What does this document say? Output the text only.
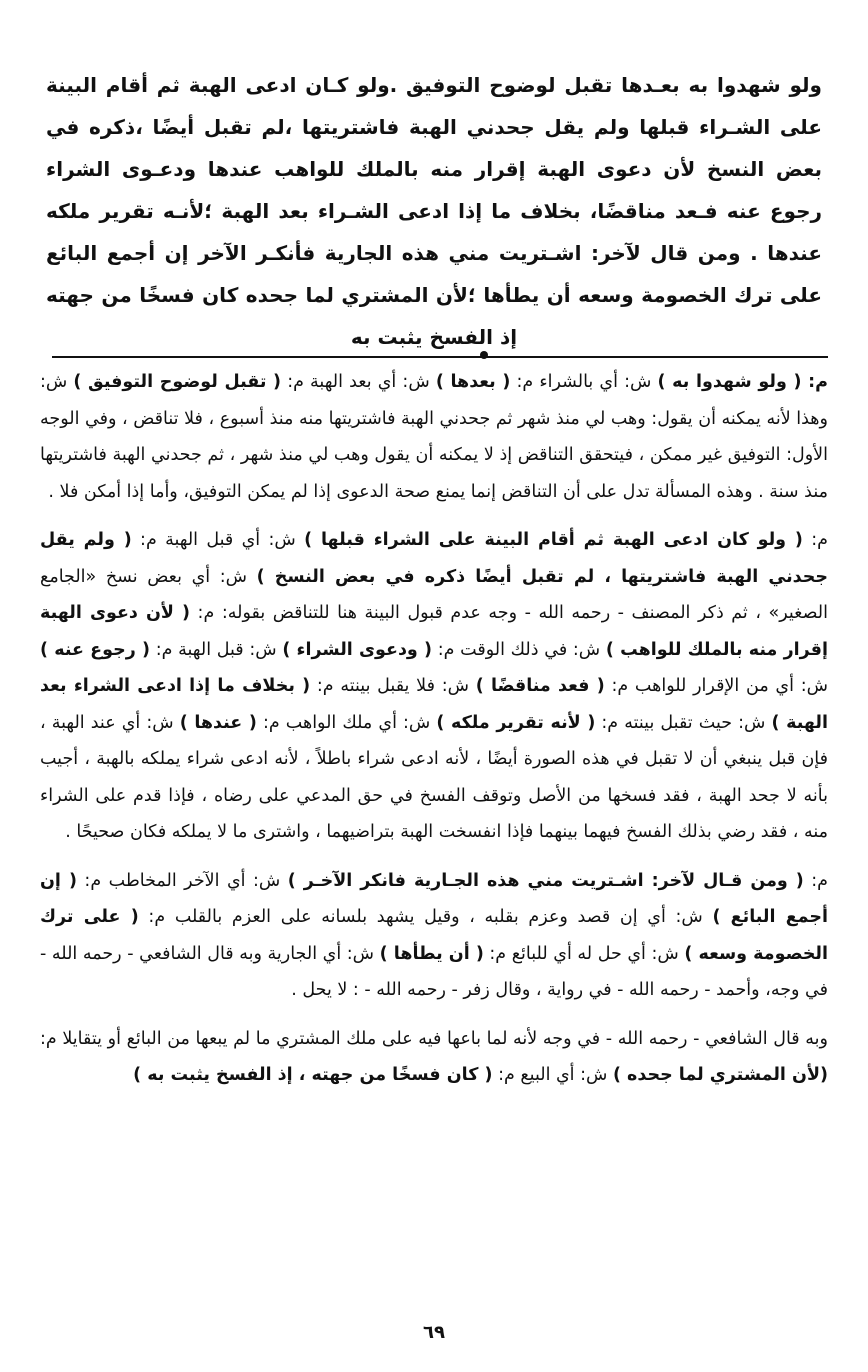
ولو شهدوا به بعـدها تقبل لوضوح التوفيق .ولو كـان ادعى الهبة ثم أقام البينة على الشـراء قبلها ولم يقل جحدني الهبة فاشتريتها ،لم تقبل أيضًا ،ذكره في بعض النسخ لأن دعوى الهبة إقرار منه بالملك للواهب عندها ودعـوى الشراء رجوع عنه فـعد مناقضًا، بخلاف ما إذا ادعى الشـراء بعد الهبة ؛لأنـه تقرير ملكه عندها . ومن قال لآخر: اشـتريت مني هذه الجارية فأنكـر الآخر إن أجمع البائع على ترك الخصومة وسعه أن يطأها ؛لأن المشتري لما جحده كان فسخًا من جهته إذ الفسخ يثبت به

م: ( ولو شهدوا به ) ش: أي بالشراء م: ( بعدها ) ش: أي بعد الهبة م: ( تقبل لوضوح التوفيق ) ش: وهذا لأنه يمكنه أن يقول: وهب لي منذ شهر ثم جحدني الهبة فاشتريتها منه منذ أسبوع ، فلا تناقض ، وفي الوجه الأول: التوفيق غير ممكن ، فيتحقق التناقض إذ لا يمكنه أن يقول وهب لي منذ شهر ، ثم جحدني الهبة فاشتريتها منذ سنة . وهذه المسألة تدل على أن التناقض إنما يمنع صحة الدعوى إذا لم يمكن التوفيق، وأما إذا أمكن فلا .

م: ( ولو كان ادعى الهبة ثم أقام البينة على الشراء قبلها ) ش: أي قبل الهبة م: ( ولم يقل جحدني الهبة فاشتريتها ، لم تقبل أيضًا ذكره في بعض النسخ ) ش: أي بعض نسخ «الجامع الصغير» ، ثم ذكر المصنف - رحمه الله - وجه عدم قبول البينة هنا للتناقض بقوله: م: ( لأن دعوى الهبة إقرار منه بالملك للواهب ) ش: في ذلك الوقت م: ( ودعوى الشراء ) ش: قبل الهبة م: ( رجوع عنه ) ش: أي من الإقرار للواهب م: ( فعد مناقضًا ) ش: فلا يقبل بينته م: ( بخلاف ما إذا ادعى الشراء بعد الهبة ) ش: حيث تقبل بينته م: ( لأنه تقرير ملكه ) ش: أي ملك الواهب م: ( عندها ) ش: أي عند الهبة ، فإن قبل ينبغي أن لا تقبل في هذه الصورة أيضًا ، لأنه ادعى شراء باطلاً ، لأنه ادعى شراء يملكه بالهبة ، أجيب بأنه لا جحد الهبة ، فقد فسخها من الأصل وتوقف الفسخ في حق المدعي على رضاه ، فإذا قدم على الشراء منه ، فقد رضي بذلك الفسخ فيهما بينهما فإذا انفسخت الهبة بتراضيهما ، واشترى ما لا يملكه فكان صحيحًا .

م: ( ومن قـال لآخر: اشـتريت مني هذه الجـارية فانكر الآخـر ) ش: أي الآخر المخاطب م: ( إن أجمع البائع ) ش: أي إن قصد وعزم بقلبه ، وقيل يشهد بلسانه على العزم بالقلب م: ( على ترك الخصومة وسعه ) ش: أي حل له أي للبائع م: ( أن يطأها ) ش: أي الجارية وبه قال الشافعي - رحمه الله - في وجه، وأحمد - رحمه الله - في رواية ، وقال زفر - رحمه الله - : لا يحل .

وبه قال الشافعي - رحمه الله - في وجه لأنه لما باعها فيه على ملك المشتري ما لم يبعها من البائع أو يتقايلا م: (لأن المشتري لما جحده ) ش: أي البيع م: ( كان فسخًا من جهته ، إذ الفسخ يثبت به )

٦٩
